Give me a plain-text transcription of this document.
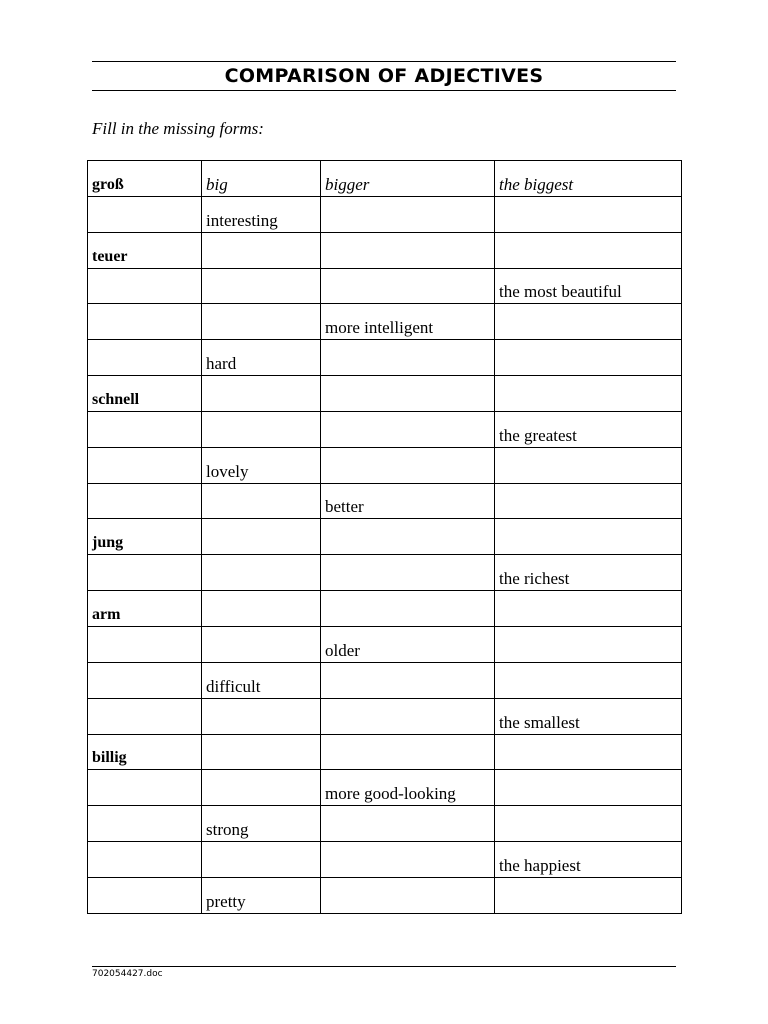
COMPARISON OF ADJECTIVES
Fill in the missing forms:
groß	big	bigger	the biggest
	interesting		
teuer			
			the most beautiful
		more intelligent	
	hard		
schnell			
			the greatest
	lovely		
		better	
jung			
			the richest
arm			
		older	
	difficult		
			the smallest
billig			
		more good-looking	
	strong		
			the happiest
	pretty		
702054427.doc
